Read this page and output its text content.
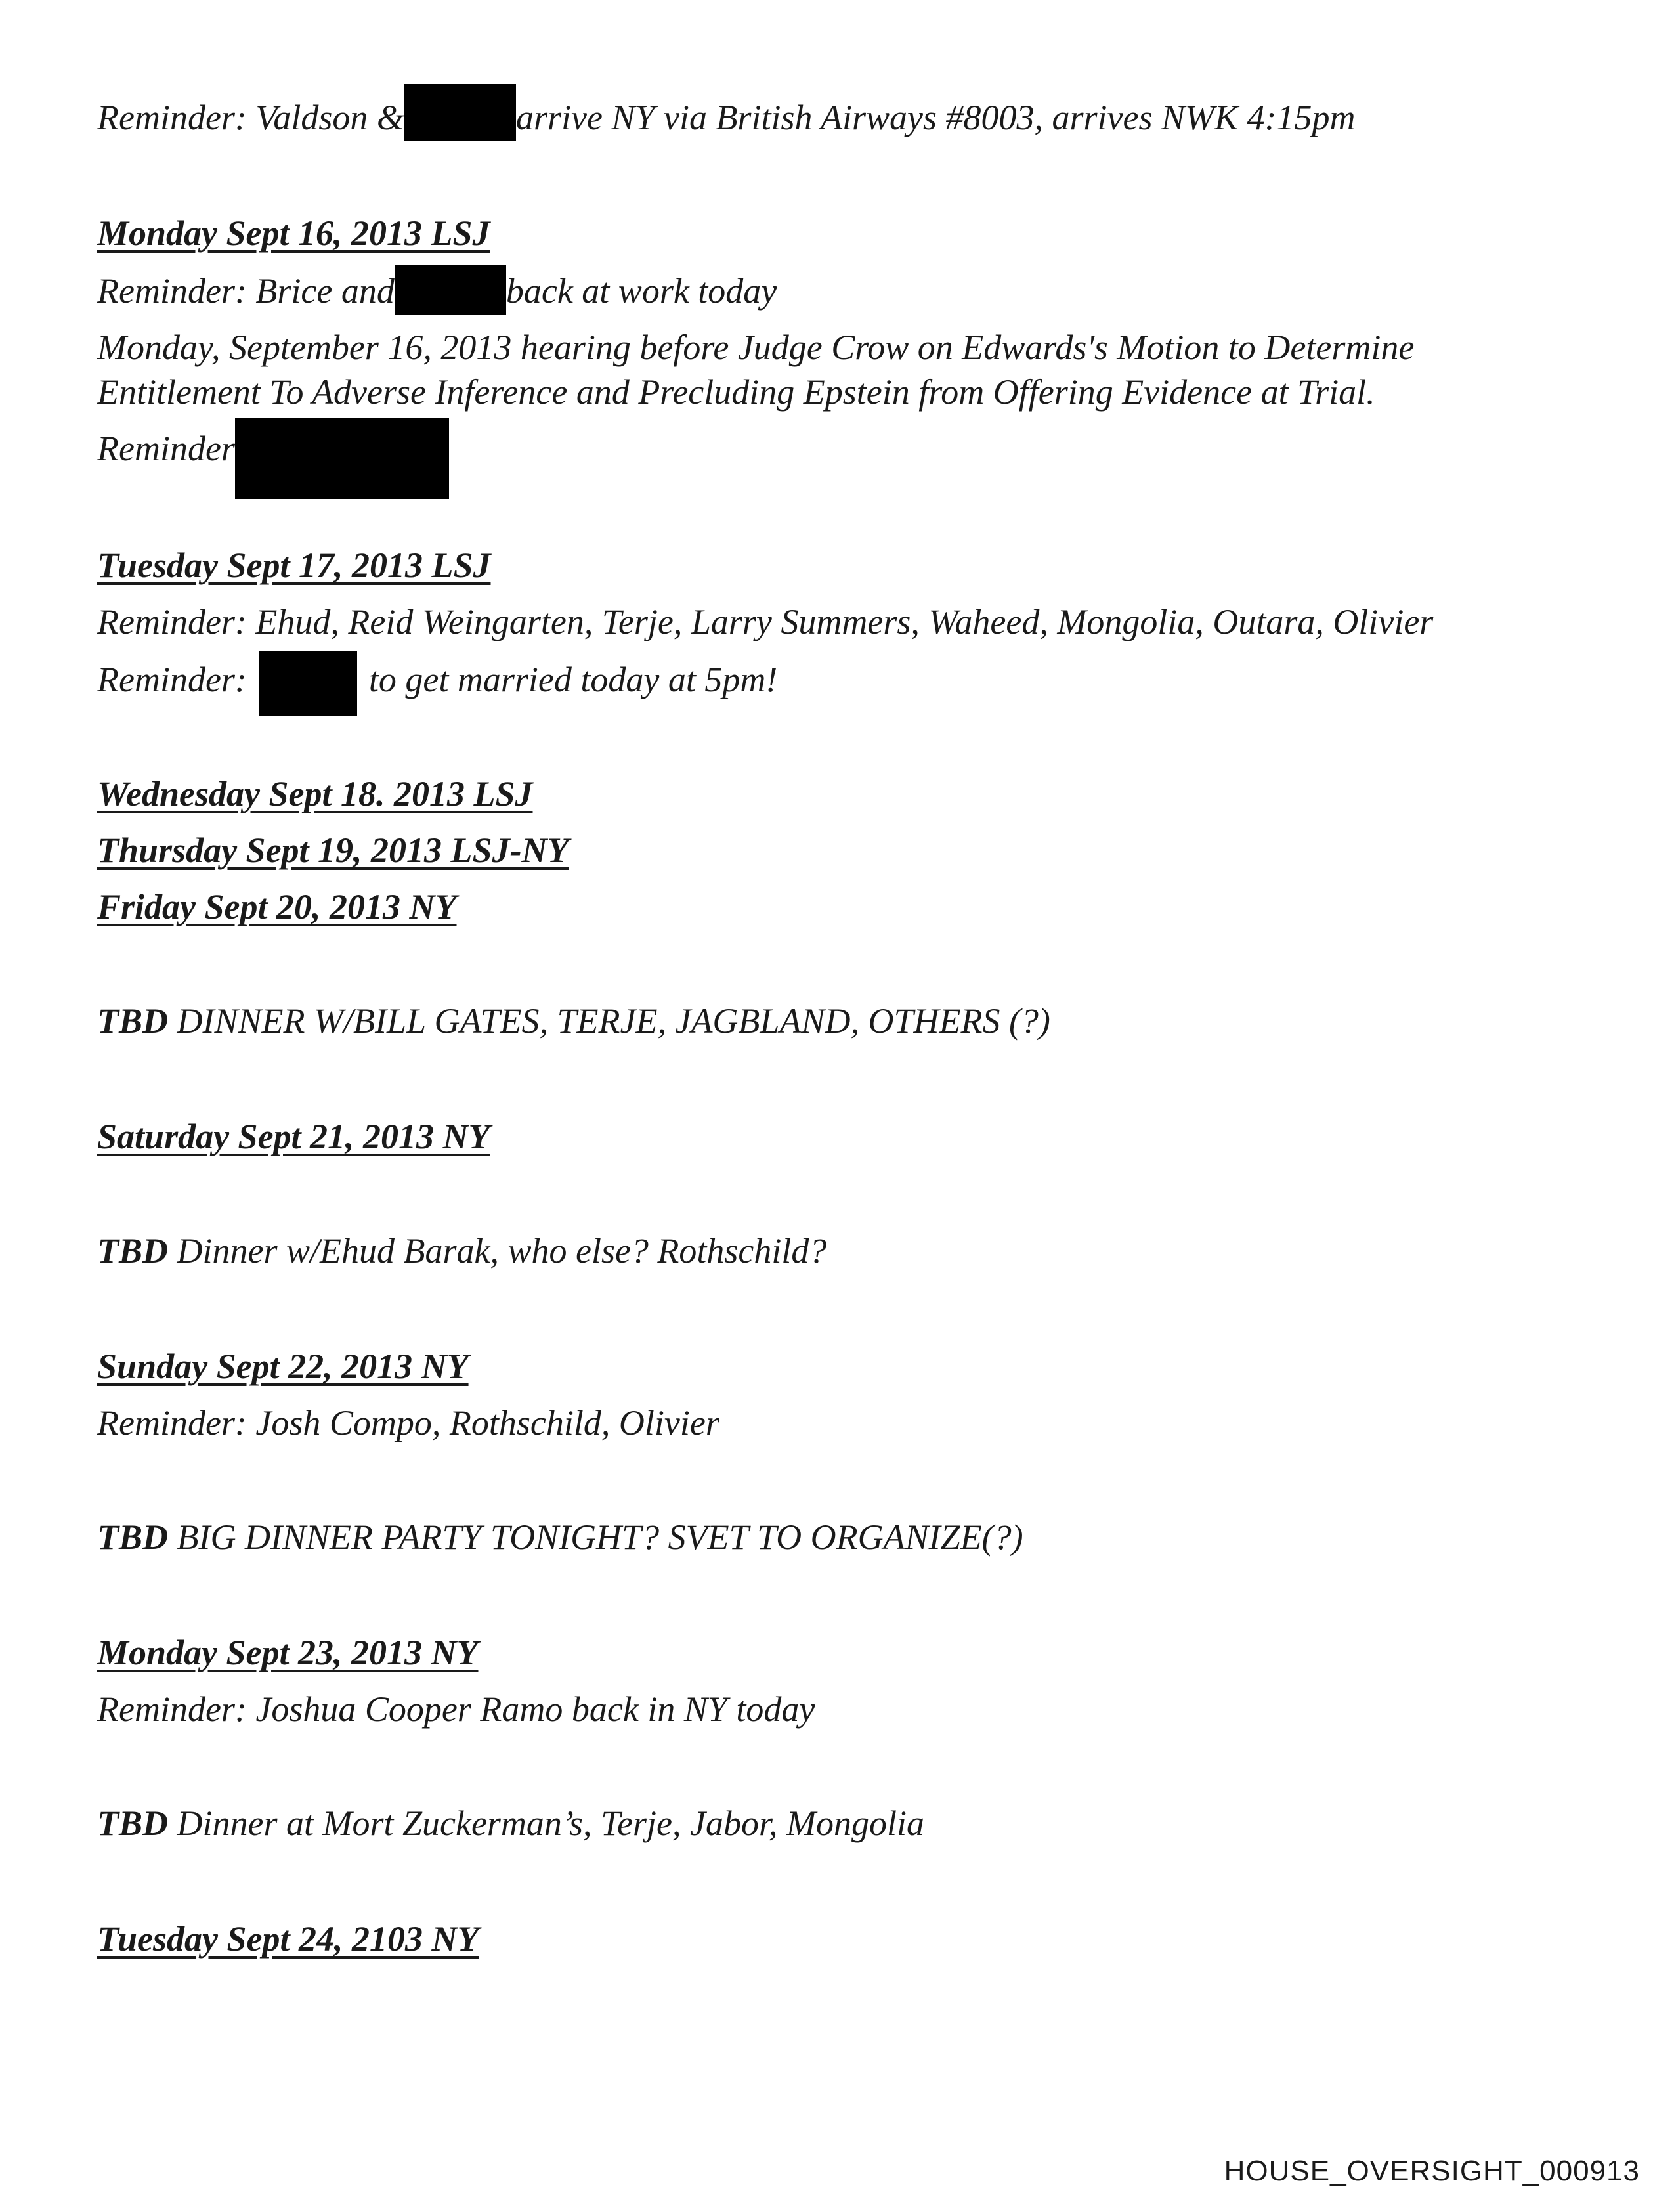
Reminder: Valdson &	arrive NY via British Airways #8003, arrives NWK 4:15pm
Monday Sept 16, 2013 LSJ
Reminder: Brice and	back at work today
Monday, September 16, 2013 hearing before Judge Crow on Edwards's Motion to Determine
Entitlement To Adverse Inference and Precluding Epstein from Offering Evidence at Trial.
Reminder
Tuesday Sept 17, 2013 LSJ
Reminder: Ehud, Reid Weingarten, Terje, Larry Summers, Waheed, Mongolia, Outara, Olivier
Reminder:	to get married today at 5pm!
Wednesday Sept 18. 2013 LSJ
Thursday Sept 19, 2013 LSJ-NY
Friday Sept 20, 2013 NY
TBD DINNER W/BILL GATES, TERJE, JAGBLAND, OTHERS (?)
Saturday Sept 21, 2013 NY
TBD Dinner w/Ehud Barak, who else? Rothschild?
Sunday Sept 22, 2013 NY
Reminder: Josh Compo, Rothschild, Olivier
TBD BIG DINNER PARTY TONIGHT? SVET TO ORGANIZE(?)
Monday Sept 23, 2013 NY
Reminder: Joshua Cooper Ramo back in NY today
TBD Dinner at Mort Zuckerman’s, Terje, Jabor, Mongolia
Tuesday Sept 24, 2103 NY
HOUSE_OVERSIGHT_000913
